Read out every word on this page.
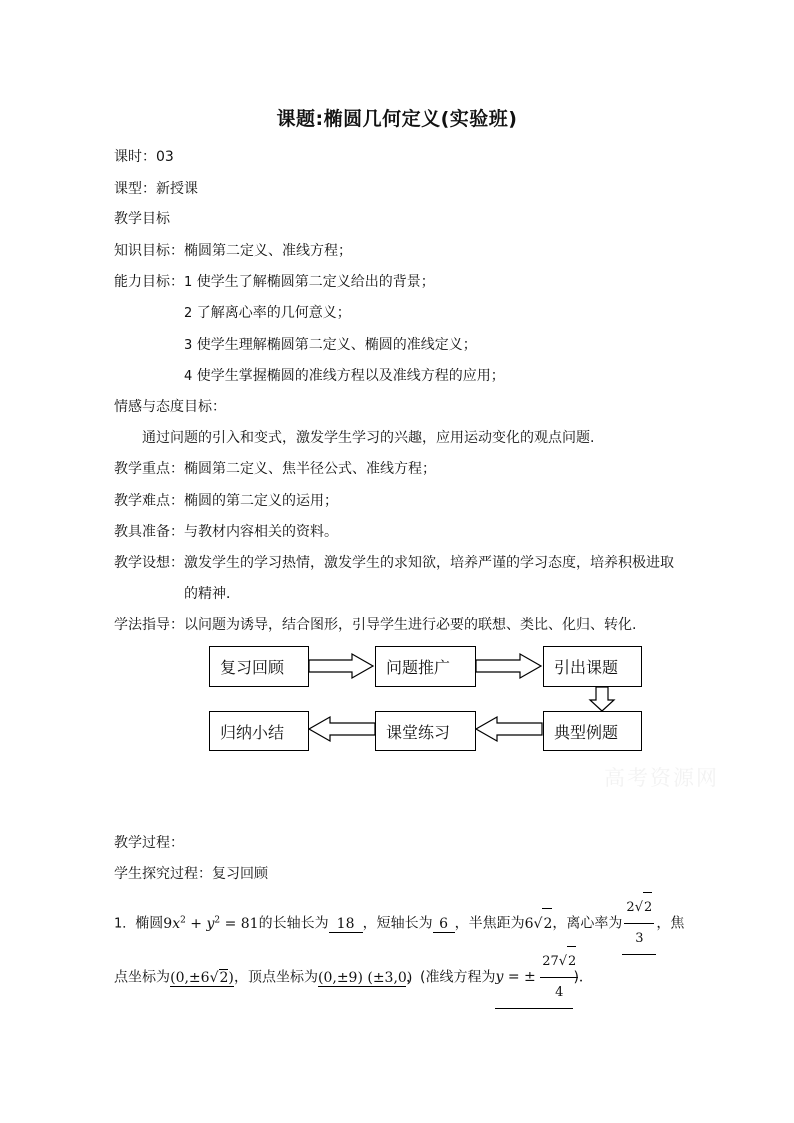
课题:椭圆几何定义(实验班)
课时：03
课型：新授课
教学目标
知识目标：椭圆第二定义、准线方程；
能力目标：1 使学生了解椭圆第二定义给出的背景；
2 了解离心率的几何意义；
3 使学生理解椭圆第二定义、椭圆的准线定义；
4 使学生掌握椭圆的准线方程以及准线方程的应用；
情感与态度目标：
通过问题的引入和变式，激发学生学习的兴趣，应用运动变化的观点问题.
教学重点：椭圆第二定义、焦半径公式、准线方程；
教学难点：椭圆的第二定义的运用；
教具准备：与教材内容相关的资料。
教学设想：激发学生的学习热情，激发学生的求知欲，培养严谨的学习态度，培养积极进取
的精神．
学法指导：以问题为诱导，结合图形，引导学生进行必要的联想、类比、化归、转化.
复习回顾	问题推广	引出课题
归纳小结	课堂练习	典型例题
高考资源网
教学过程：
学生探究过程：复习回顾
1．椭圆$9x^2 + y^2 = 81$的长轴长为 18 ，短轴长为 6 ，半焦距为6√2，离心率为 $\frac{2√2}{3}$ ，焦
点坐标为(0,±6√2)，顶点坐标为(0,±9) (±3,0)，(准线方程为y = ± $\frac{27√2}{4}$
)．
